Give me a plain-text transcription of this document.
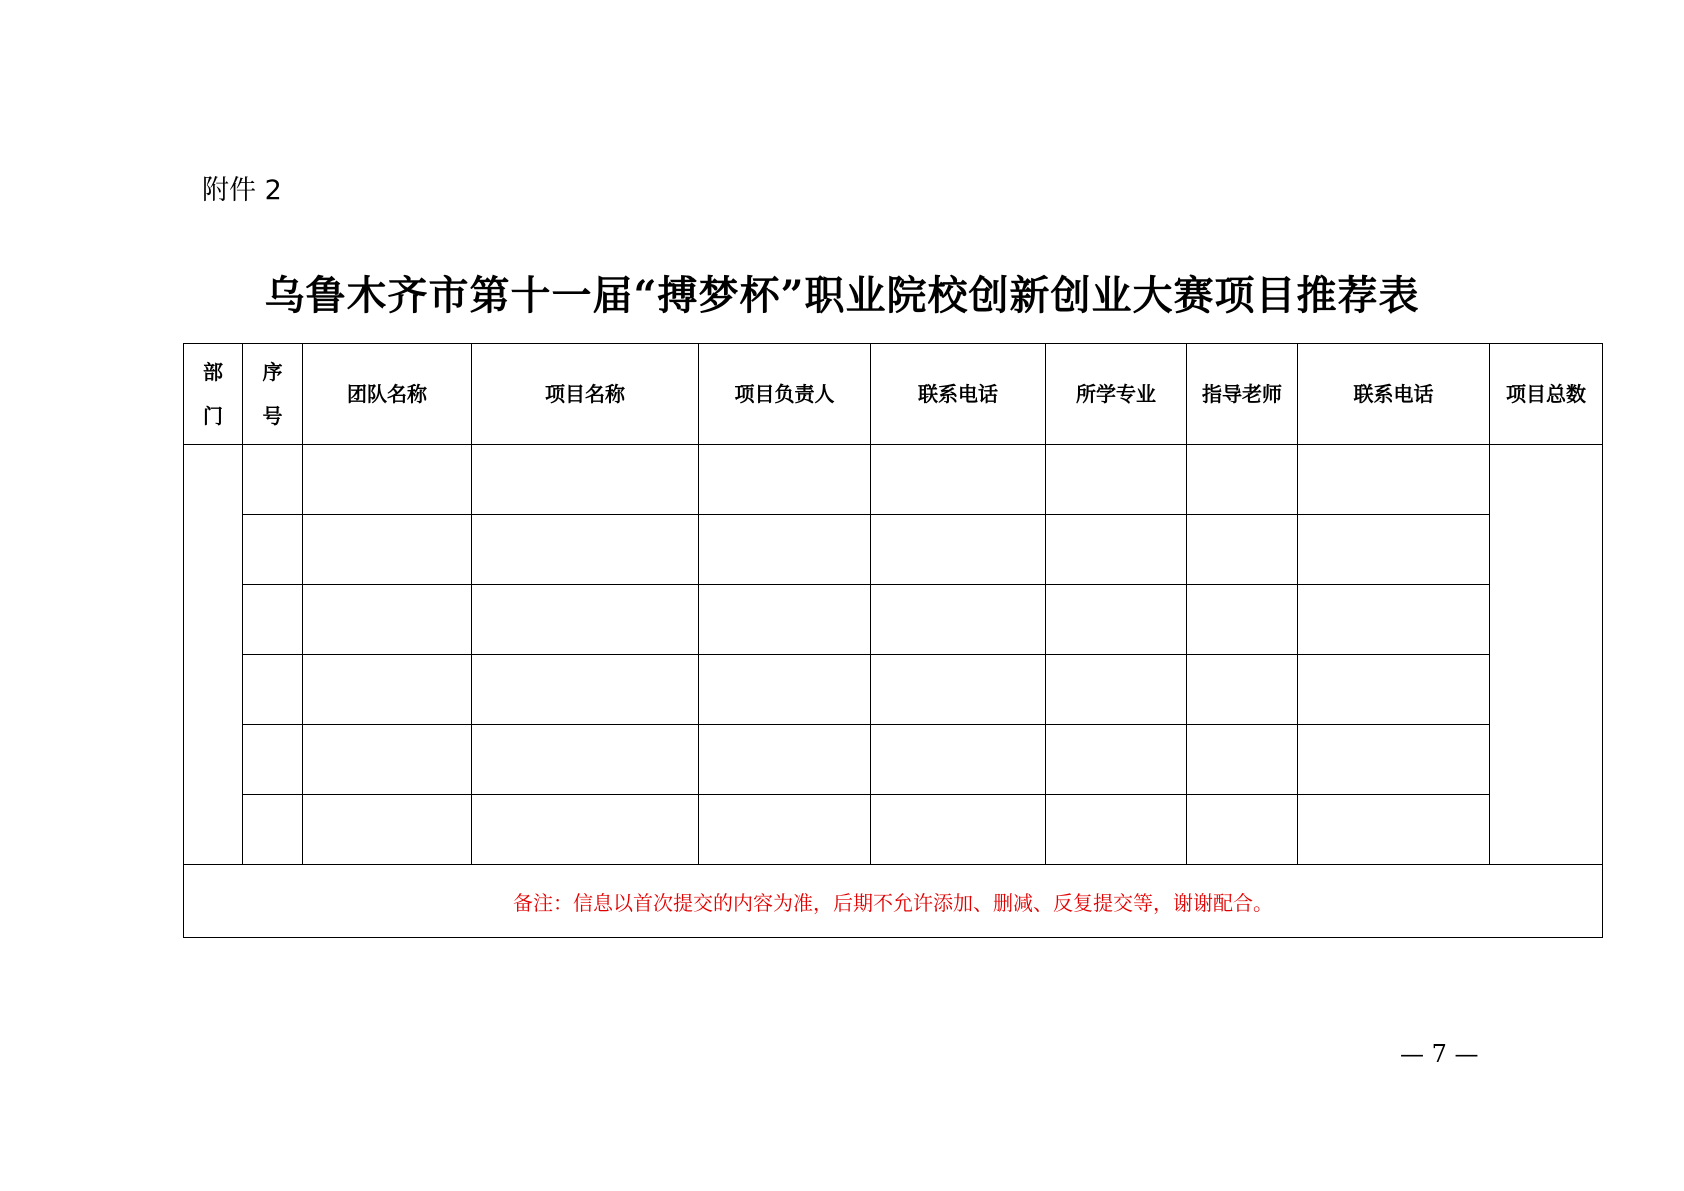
附件 2
乌鲁木齐市第十一届“搏梦杯”职业院校创新创业大赛项目推荐表
部门	序号	团队名称	项目名称	项目负责人	联系电话	所学专业	指导老师	联系电话	项目总数

备注：信息以首次提交的内容为准，后期不允许添加、删减、反复提交等，谢谢配合。									
— 7 —
